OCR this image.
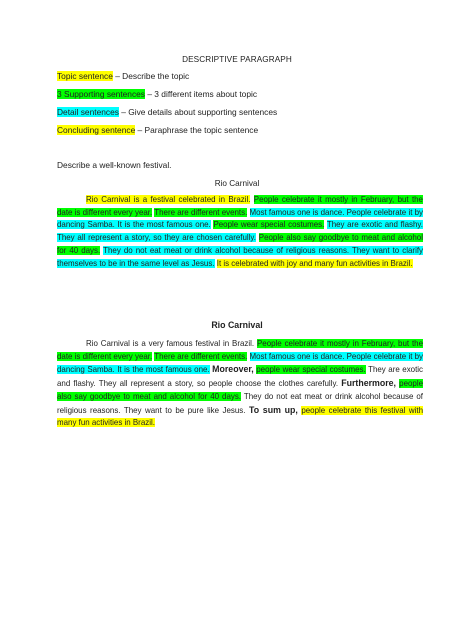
DESCRIPTIVE PARAGRAPH
Topic sentence – Describe the topic
3 Supporting sentences – 3 different items about topic
Detail sentences – Give details about supporting sentences
Concluding sentence – Paraphrase the topic sentence
Describe a well-known festival.
Rio Carnival

Rio Carnival is a festival celebrated in Brazil. People celebrate it mostly in February, but the date is different every year. There are different events. Most famous one is dance. People celebrate it by dancing Samba. It is the most famous one. People wear special costumes. They are exotic and flashy. They all represent a story, so they are chosen carefully. People also say goodbye to meat and alcohol for 40 days. They do not eat meat or drink alcohol because of religious reasons. They want to clarify themselves to be in the same level as Jesus. It is celebrated with joy and many fun activities in Brazil.

Rio Carnival

Rio Carnival is a very famous festival in Brazil. People celebrate it mostly in February, but the date is different every year. There are different events. Most famous one is dance. People celebrate it by dancing Samba. It is the most famous one. Moreover, people wear special costumes. They are exotic and flashy. They all represent a story, so people choose the clothes carefully. Furthermore, people also say goodbye to meat and alcohol for 40 days. They do not eat meat or drink alcohol because of religious reasons. They want to be pure like Jesus. To sum up, people celebrate this festival with many fun activities in Brazil.
